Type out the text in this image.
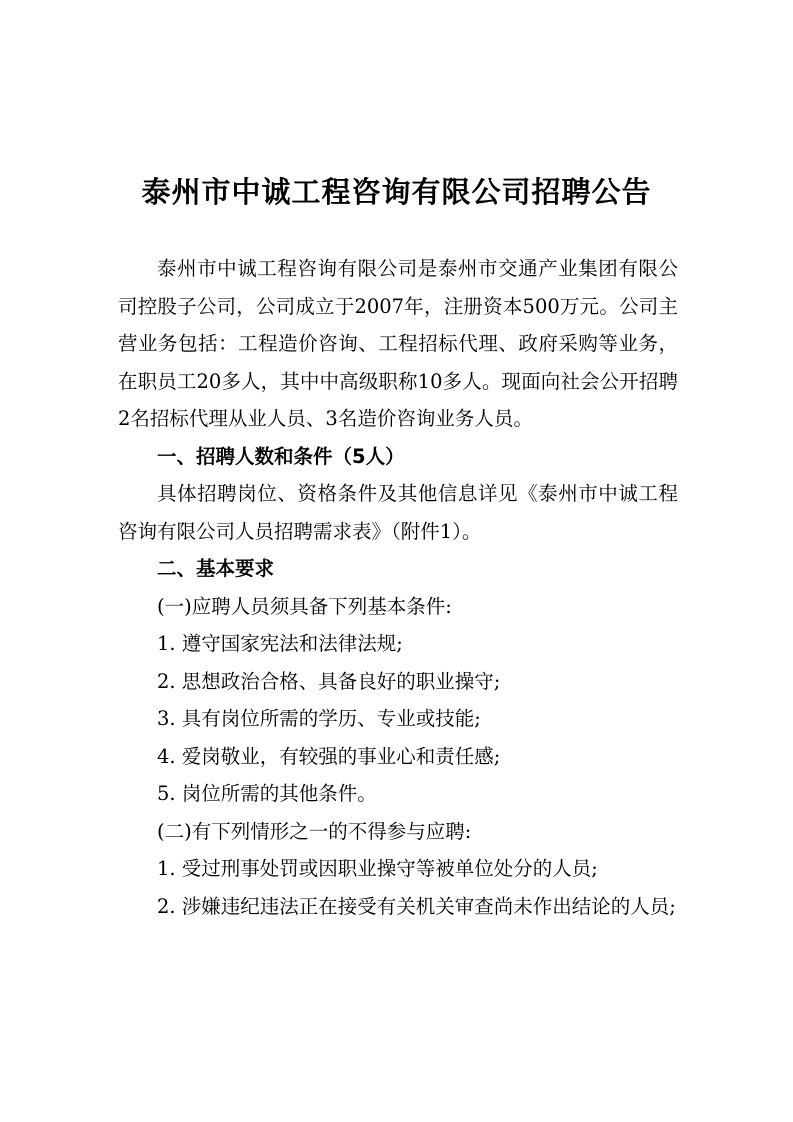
泰州市中诚工程咨询有限公司招聘公告

泰州市中诚工程咨询有限公司是泰州市交通产业集团有限公司控股子公司，公司成立于2007年，注册资本500万元。公司主营业务包括：工程造价咨询、工程招标代理、政府采购等业务，在职员工20多人，其中中高级职称10多人。现面向社会公开招聘2名招标代理从业人员、3名造价咨询业务人员。

一、招聘人数和条件（5人）

具体招聘岗位、资格条件及其他信息详见《泰州市中诚工程咨询有限公司人员招聘需求表》（附件1）。

二、基本要求

(一)应聘人员须具备下列基本条件:

1. 遵守国家宪法和法律法规;

2. 思想政治合格、具备良好的职业操守;

3. 具有岗位所需的学历、专业或技能;

4. 爱岗敬业，有较强的事业心和责任感;

5. 岗位所需的其他条件。

(二)有下列情形之一的不得参与应聘:

1. 受过刑事处罚或因职业操守等被单位处分的人员;

2. 涉嫌违纪违法正在接受有关机关审查尚未作出结论的人员;
